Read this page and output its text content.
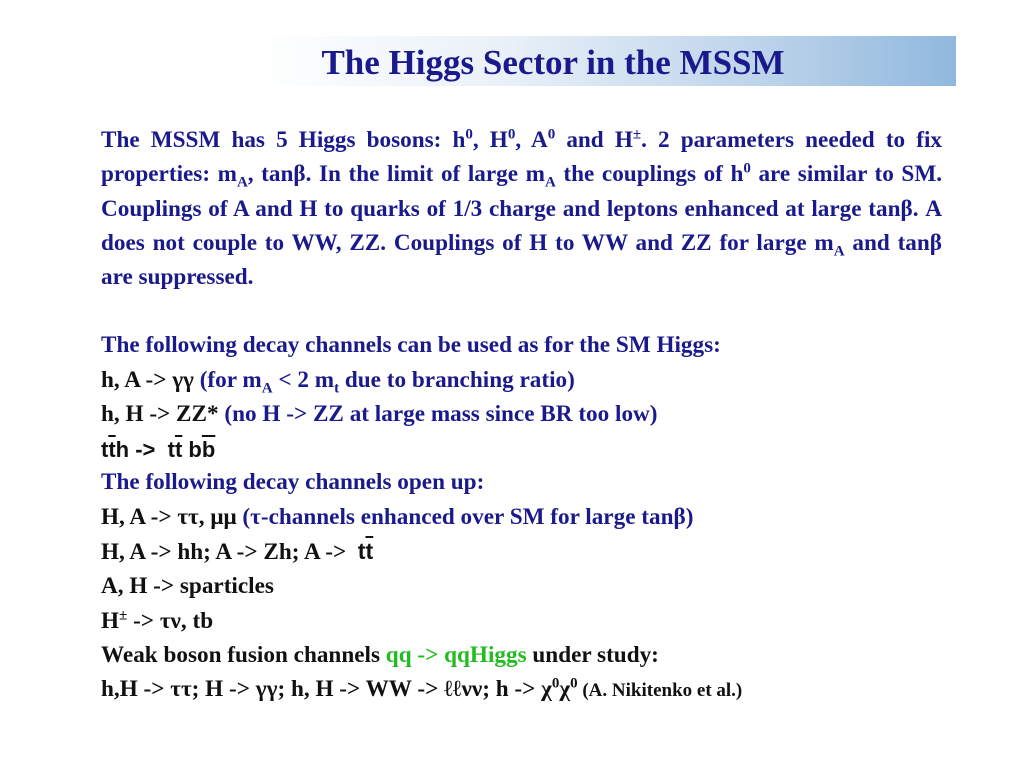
The Higgs Sector in the MSSM

The MSSM has 5 Higgs bosons: $h^0$, $H^0$, $A^0$ and H±. 2 parameters needed to fix properties: $m_A$, tanβ. In the limit of large $m_A$ the couplings of $h^0$ are similar to SM. Couplings of A and H to quarks of 1/3 charge and leptons enhanced at large tanβ. A does not couple to WW, ZZ. Couplings of H to WW and ZZ for large $m_A$ and tanβ are suppressed.

The following decay channels can be used as for the SM Higgs:
h, A -> γγ (for $m_A < 2$ $m_t$ due to branching ratio)
h, H -> ZZ* (no H -> ZZ at large mass since BR too low)
$t\overline{t}h -> t\overline{t}$ $b\overline{b}$
The following decay channels open up:
H, A -> ττ, μμ (τ-channels enhanced over SM for large tanβ)
H, A -> hh; A -> Zh; $A -> t\overline{t}$
A, H -> sparticles
H± -> τν, tb
Weak boson fusion channels qq -> qqHiggs under study:
h,H -> ττ; H -> γγ; h, H -> WW -> ℓℓνν; $h -> \chi^0\chi^0$ (A. Nikitenko et al.)
